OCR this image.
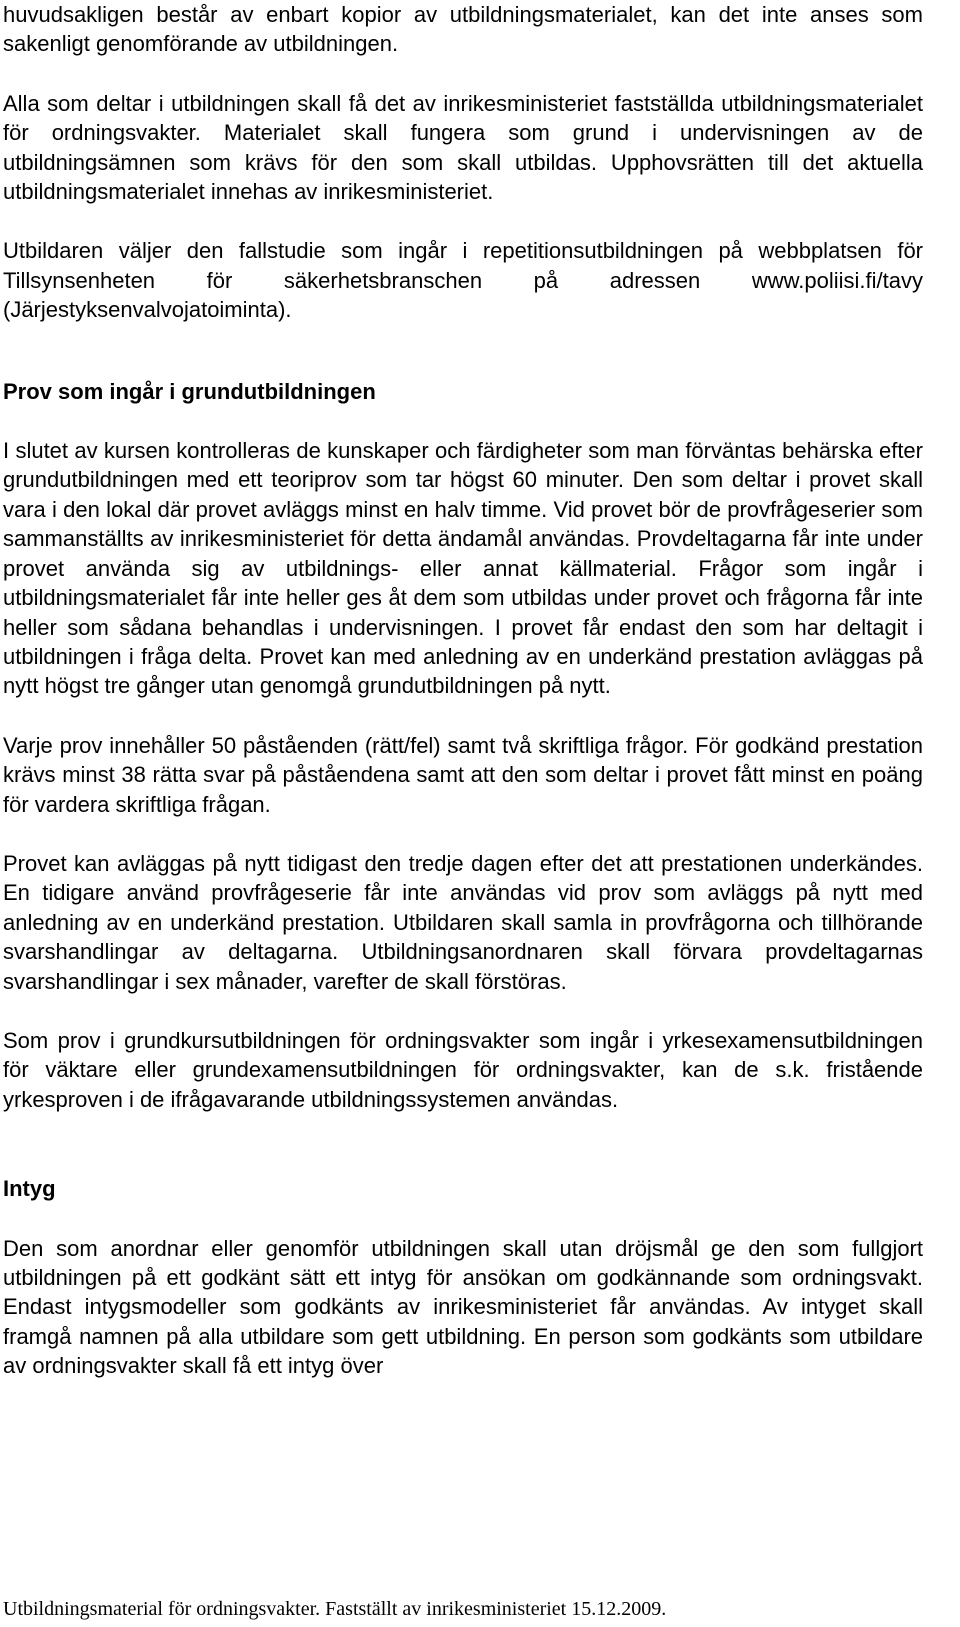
huvudsakligen består av enbart kopior av utbildningsmaterialet, kan det inte anses som sakenligt genomförande av utbildningen.

Alla som deltar i utbildningen skall få det av inrikesministeriet fastställda utbildningsmaterialet för ordningsvakter. Materialet skall fungera som grund i undervisningen av de utbildningsämnen som krävs för den som skall utbildas. Upphovsrätten till det aktuella utbildningsmaterialet innehas av inrikesministeriet.

Utbildaren väljer den fallstudie som ingår i repetitionsutbildningen på webbplatsen för Tillsynsenheten för säkerhetsbranschen på adressen www.poliisi.fi/tavy (Järjestyksenvalvojatoiminta).

Prov som ingår i grundutbildningen

I slutet av kursen kontrolleras de kunskaper och färdigheter som man förväntas behärska efter grundutbildningen med ett teoriprov som tar högst 60 minuter. Den som deltar i provet skall vara i den lokal där provet avläggs minst en halv timme. Vid provet bör de provfrågeserier som sammanställts av inrikesministeriet för detta ändamål användas. Provdeltagarna får inte under provet använda sig av utbildnings- eller annat källmaterial. Frågor som ingår i utbildningsmaterialet får inte heller ges åt dem som utbildas under provet och frågorna får inte heller som sådana behandlas i undervisningen. I provet får endast den som har deltagit i utbildningen i fråga delta. Provet kan med anledning av en underkänd prestation avläggas på nytt högst tre gånger utan genomgå grundutbildningen på nytt.

Varje prov innehåller 50 påståenden (rätt/fel) samt två skriftliga frågor. För godkänd prestation krävs minst 38 rätta svar på påståendena samt att den som deltar i provet fått minst en poäng för vardera skriftliga frågan.

Provet kan avläggas på nytt tidigast den tredje dagen efter det att prestationen underkändes. En tidigare använd provfrågeserie får inte användas vid prov som avläggs på nytt med anledning av en underkänd prestation. Utbildaren skall samla in provfrågorna och tillhörande svarshandlingar av deltagarna. Utbildningsanordnaren skall förvara provdeltagarnas svarshandlingar i sex månader, varefter de skall förstöras.

Som prov i grundkursutbildningen för ordningsvakter som ingår i yrkesexamensutbildningen för väktare eller grundexamensutbildningen för ordningsvakter, kan de s.k. fristående yrkesproven i de ifrågavarande utbildningssystemen användas.

Intyg

Den som anordnar eller genomför utbildningen skall utan dröjsmål ge den som fullgjort utbildningen på ett godkänt sätt ett intyg för ansökan om godkännande som ordningsvakt. Endast intygsmodeller som godkänts av inrikesministeriet får användas. Av intyget skall framgå namnen på alla utbildare som gett utbildning. En person som godkänts som utbildare av ordningsvakter skall få ett intyg över

Utbildningsmaterial för ordningsvakter. Fastställt av inrikesministeriet 15.12.2009.
